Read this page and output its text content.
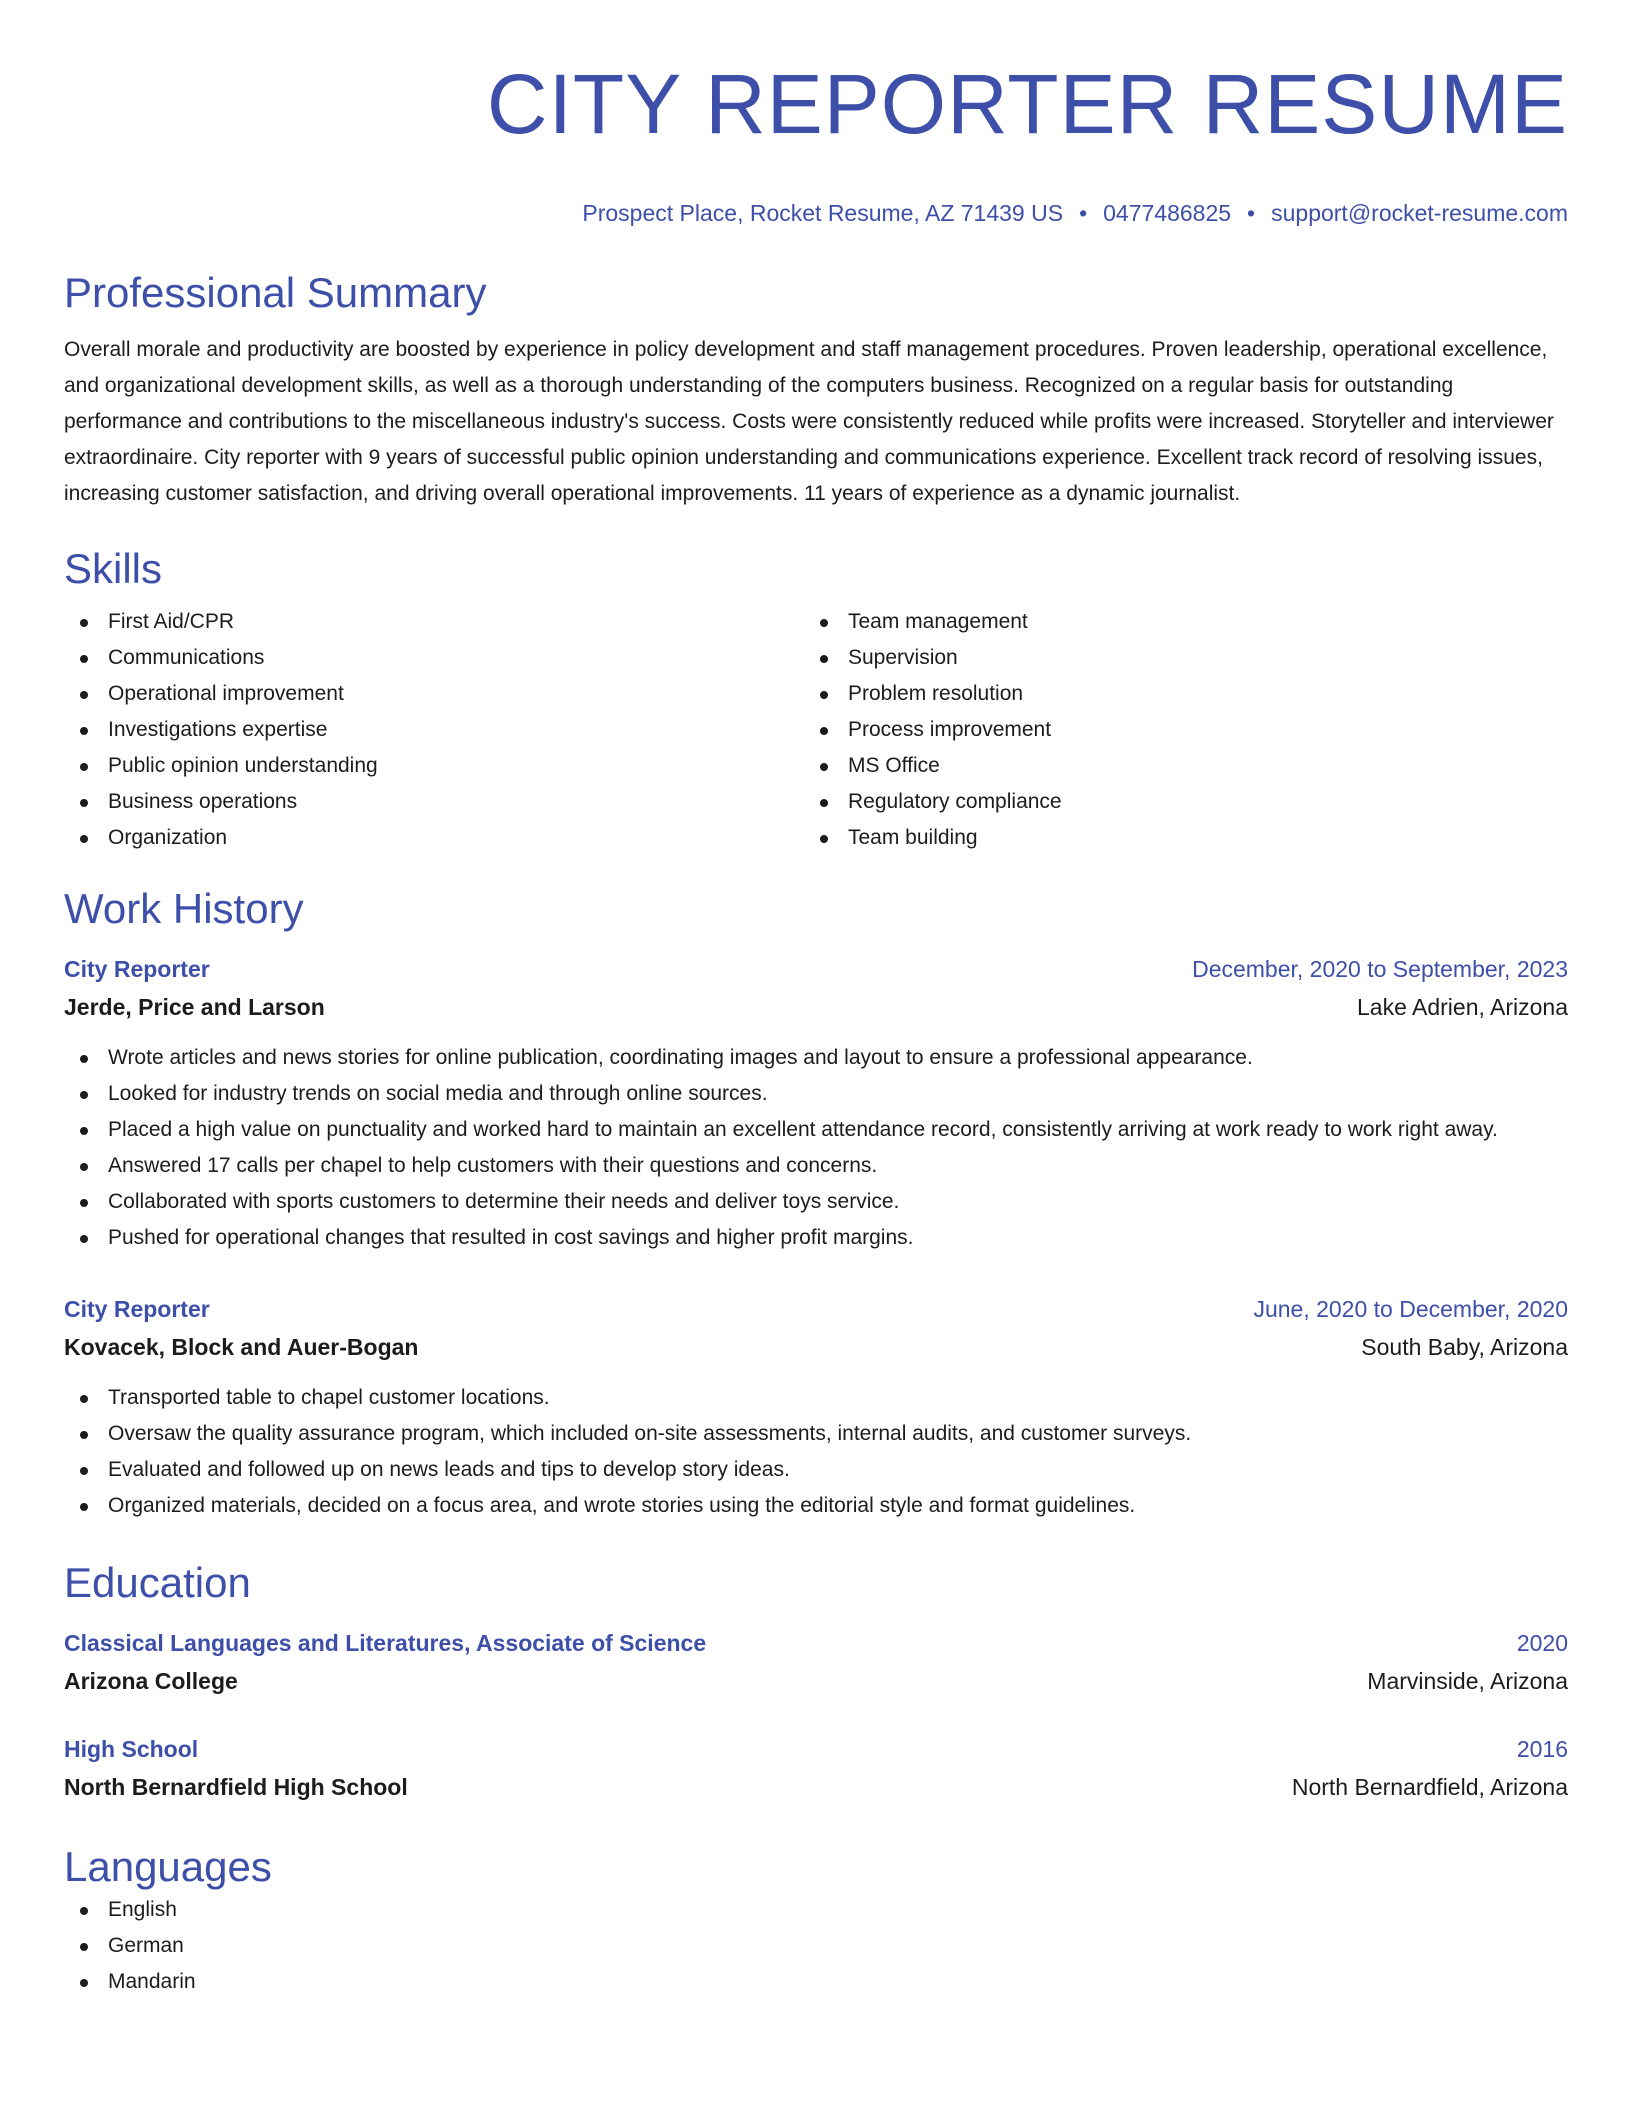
CITY REPORTER RESUME
Prospect Place, Rocket Resume, AZ 71439 US • 0477486825 • support@rocket-resume.com
Professional Summary

Overall morale and productivity are boosted by experience in policy development and staff management procedures. Proven leadership, operational excellence, and organizational development skills, as well as a thorough understanding of the computers business. Recognized on a regular basis for outstanding performance and contributions to the miscellaneous industry's success. Costs were consistently reduced while profits were increased. Storyteller and interviewer extraordinaire. City reporter with 9 years of successful public opinion understanding and communications experience. Excellent track record of resolving issues, increasing customer satisfaction, and driving overall operational improvements. 11 years of experience as a dynamic journalist.

Skills
First Aid/CPR
Communications
Operational improvement
Investigations expertise
Public opinion understanding
Business operations
Organization
Team management
Supervision
Problem resolution
Process improvement
MS Office
Regulatory compliance
Team building
Work History
City Reporter	December, 2020 to September, 2023
Jerde, Price and Larson	Lake Adrien, Arizona
Wrote articles and news stories for online publication, coordinating images and layout to ensure a professional appearance.
Looked for industry trends on social media and through online sources.
Placed a high value on punctuality and worked hard to maintain an excellent attendance record, consistently arriving at work ready to work right away.
Answered 17 calls per chapel to help customers with their questions and concerns.
Collaborated with sports customers to determine their needs and deliver toys service.
Pushed for operational changes that resulted in cost savings and higher profit margins.
City Reporter	June, 2020 to December, 2020
Kovacek, Block and Auer-Bogan	South Baby, Arizona
Transported table to chapel customer locations.
Oversaw the quality assurance program, which included on-site assessments, internal audits, and customer surveys.
Evaluated and followed up on news leads and tips to develop story ideas.
Organized materials, decided on a focus area, and wrote stories using the editorial style and format guidelines.
Education
Classical Languages and Literatures, Associate of Science	2020
Arizona College	Marvinside, Arizona
High School	2016
North Bernardfield High School	North Bernardfield, Arizona
Languages
English
German
Mandarin
